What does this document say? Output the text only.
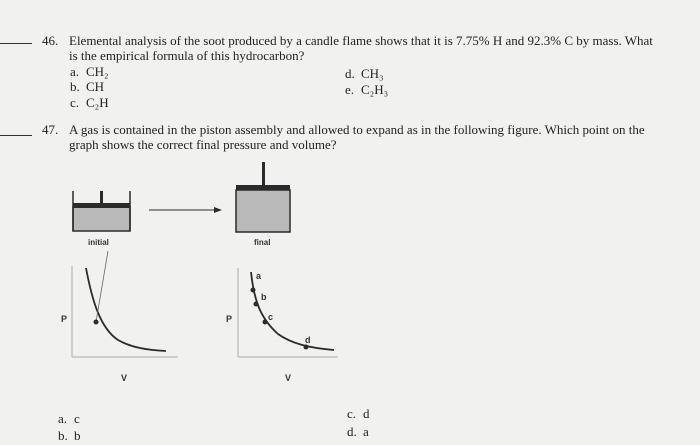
46. Elemental analysis of the soot produced by a candle flame shows that it is 7.75% H and 92.3% C by mass. What
is the empirical formula of this hydrocarbon?
a. CH₂
b. CH
c. C₂H
d. CH₃
e. C₂H₃
47. A gas is contained in the piston assembly and allowed to expand as in the following figure. Which point on the
graph shows the correct final pressure and volume?
P
V
P
V
a
b
c
d
initial	final
a. c
b. b
c. d
d. a
